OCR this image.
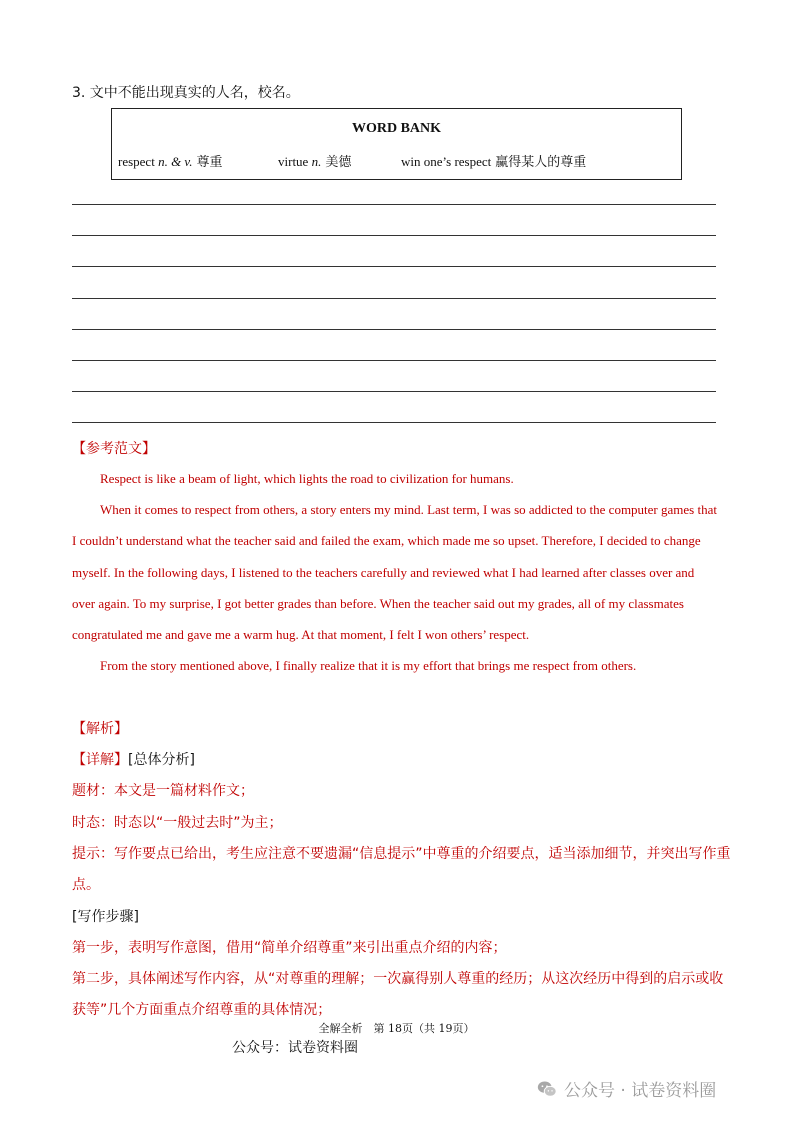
3. 文中不能出现真实的人名，校名。
WORD BANK
respect n. & v. 尊重	virtue n. 美德	win one’s respect 赢得某人的尊重
【参考范文】

Respect is like a beam of light, which lights the road to civilization for humans.

When it comes to respect from others, a story enters my mind. Last term, I was so addicted to the computer games that I couldn’t understand what the teacher said and failed the exam, which made me so upset. Therefore, I decided to change myself. In the following days, I listened to the teachers carefully and reviewed what I had learned after classes over and over again. To my surprise, I got better grades than before. When the teacher said out my grades, all of my classmates congratulated me and gave me a warm hug. At that moment, I felt I won others’ respect.

From the story mentioned above, I finally realize that it is my effort that brings me respect from others.

【解析】
【详解】[总体分析]
题材：本文是一篇材料作文；
时态：时态以“一般过去时”为主；
提示：写作要点已给出，考生应注意不要遗漏“信息提示”中尊重的介绍要点，适当添加细节，并突出写作重
点。
[写作步骤]
第一步，表明写作意图，借用“简单介绍尊重”来引出重点介绍的内容；
第二步，具体阐述写作内容，从“对尊重的理解；一次赢得别人尊重的经历；从这次经历中得到的启示或收
获等”几个方面重点介绍尊重的具体情况；
全解全析　第 18页（共 19页）
公众号：试卷资料圈
公众号 · 试卷资料圈
